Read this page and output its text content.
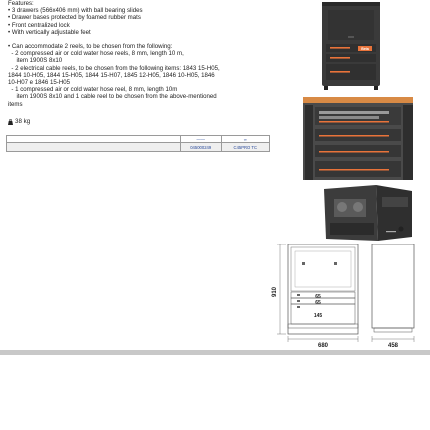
Features:
• 3 drawers (566x406 mm) with ball bearing slides
• Drawer bases protected by foamed rubber mats
• Front centralized lock
• With vertically adjustable feet
• Can accommodate 2 reels, to be chosen from the following:
- 2 compressed air or cold water hose reels, 8 mm, length 10 m,
item 1900S 8x10
- 2 electrical cable reels, to be chosen from the following items: 1843 15-H05,
1844 10-H05, 1844 15-H05, 1844 15-H07, 1845 12-H05, 1846 10-H05, 1846
10-H07 e 1846 15-H05
- 1 compressed air or cold water hose reel, 8 mm, length 10m
item 1900S 8x10 and 1 cable reel to be chosen from the above-mentioned
items
38 kg
	——	∞
	045000249	C45PRO TC
Beta
65
65
145
910
680	458
